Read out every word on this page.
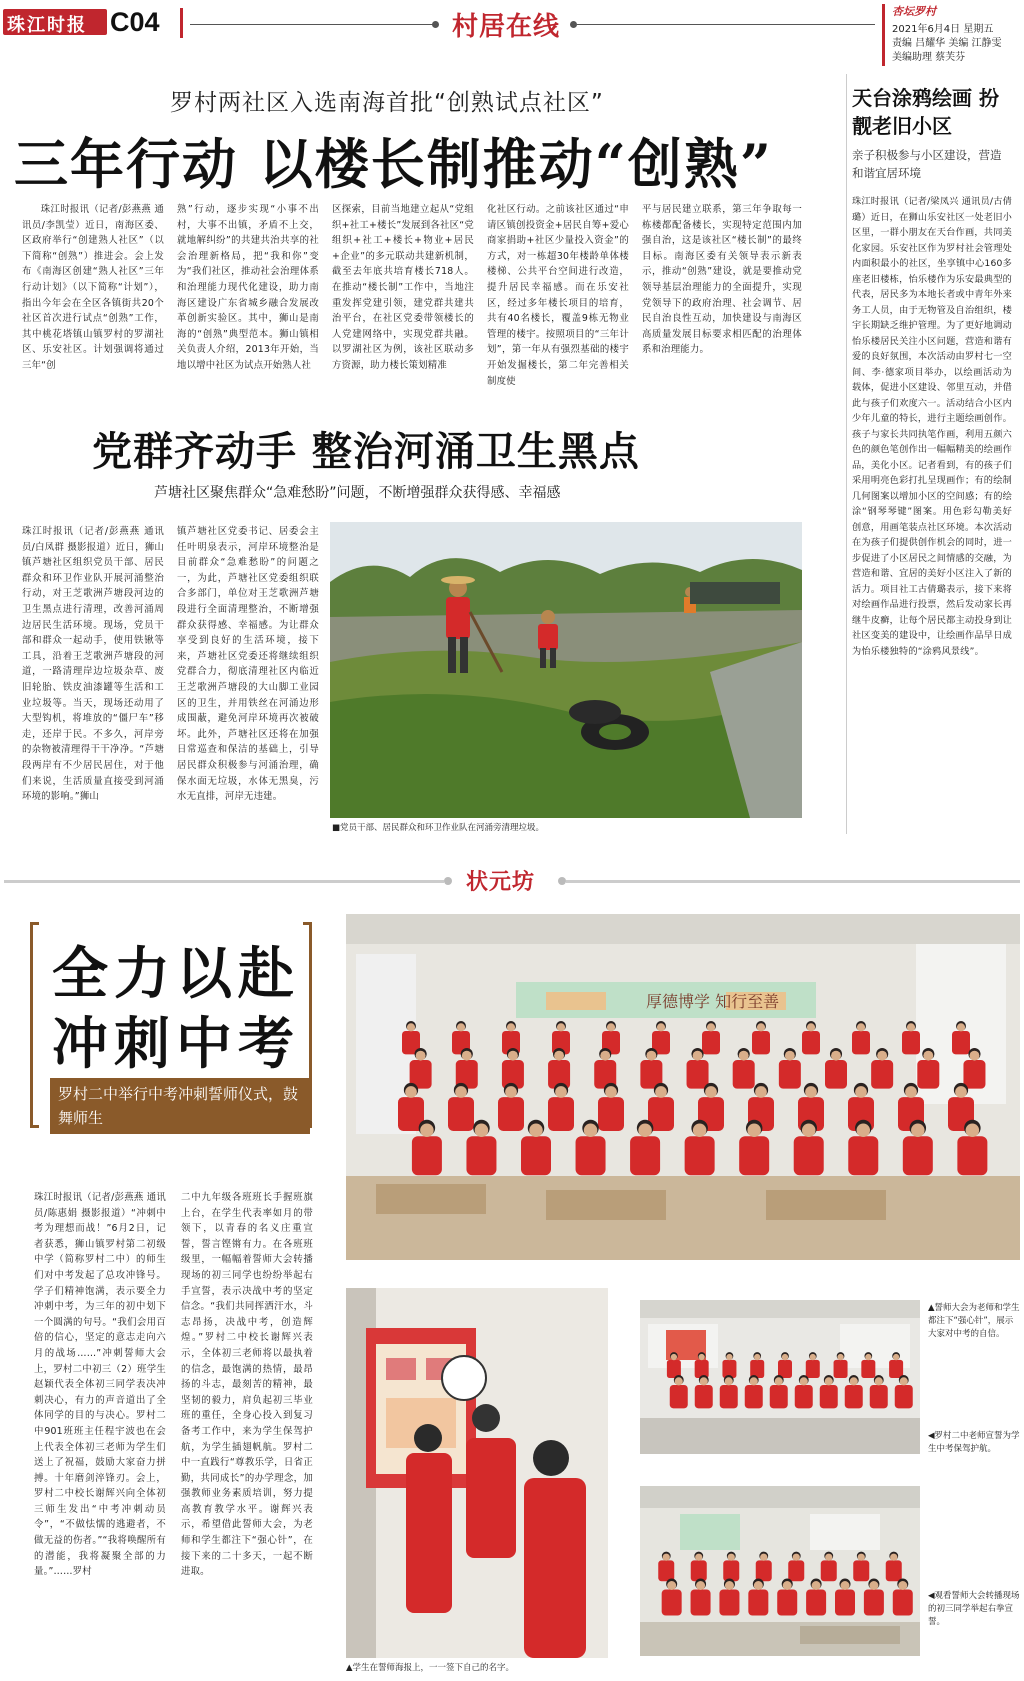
珠江时报 C04	村居在线
杏坛罗村
2021年6月4日 星期五
责编 吕耀华 美编 江静雯
美编助理 蔡芙芬
罗村两社区入选南海首批“创熟试点社区”
三年行动 以楼长制推动“创熟”
珠江时报讯（记者/彭燕燕 通讯员/李凯莹）近日，南海区委、区政府举行“创建熟人社区”（以下简称“创熟”）推进会。会上发布《南海区创建“熟人社区”三年行动计划》（以下简称“计划”），指出今年会在全区各镇街共20个社区首次进行试点“创熟”工作，其中桃花塔镇山镇罗村的罗湖社区、乐安社区。计划强调将通过三年“创
熟”行动，逐步实现“小事不出村，大事不出镇，矛盾不上交，就地解纠纷”的共建共治共享的社会治理新格局，把“我和你”变为“我们社区，推动社会治理体系和治理能力现代化建设，助力南海区建设广东省城乡融合发展改革创新实验区。其中，狮山是南海的“创熟”典型范本。狮山镇相关负责人介绍，2013年开始，当地以增中社区为试点开始熟人社
区探索，目前当地建立起从“党组织+社工+楼长”发展到各社区“党组织+社工+楼长+物业+居民+企业”的多元联动共建新机制，截至去年底共培育楼长718人。在推动“楼长制”工作中，当地注重发挥党建引领，建党群共建共治平台，在社区党委带领楼长的人党建网络中，实现党群共融。以罗湖社区为例，该社区联动多方资源，助力楼长策划精准
化社区行动。之前该社区通过“申请区镇创投资金+居民自筹+爱心商家捐助+社区少量投入资金”的方式，对一栋超30年楼龄单体楼楼梯、公共平台空间进行改造，提升居民幸福感。而在乐安社区，经过多年楼长项目的培育，共有40名楼长，覆盖9栋无物业管理的楼宇。按照项目的“三年计划”，第一年从有强烈基础的楼宇开始发掘楼长，第二年完善相关制度使
平与居民建立联系，第三年争取每一栋楼都配备楼长，实现特定范围内加强自治，这是该社区“楼长制”的最终目标。南海区委有关领导表示新表示，推动“创熟”建设，就是要推动党领导基层治理能力的全面提升，实现党领导下的政府治理、社会调节、居民自治良性互动，加快建设与南海区高质量发展目标要求相匹配的治理体系和治理能力。
党群齐动手 整治河涌卫生黑点
芦塘社区聚焦群众“急难愁盼”问题，不断增强群众获得感、幸福感
珠江时报讯（记者/彭燕燕 通讯员/白凤群 摄影报道）近日，狮山镇芦塘社区组织党员干部、居民群众和环卫作业队开展河涌整治行动，对王芝歌洲芦塘段河边的卫生黑点进行清理，改善河涌周边居民生活环境。现场，党员干部和群众一起动手，使用铁锹等工具，沿着王芝歌洲芦塘段的河道，一路清理岸边垃圾杂草、废旧轮胎、铁皮油漆罐等生活和工业垃圾等。当天，现场还动用了大型钩机，将堆放的“僵尸车”移走，还岸于民。不多久，河岸旁的杂物被清理得干干净净。“芦塘段两岸有不少居民居住，对于他们来说，生活质量直接受到河涌环境的影响。”狮山
镇芦塘社区党委书记、居委会主任叶明泉表示，河岸环境整治是目前群众“急难愁盼”的问题之一，为此，芦塘社区党委组织联合多部门，单位对王芝歌洲芦塘段进行全面清理整治，不断增强群众获得感、幸福感。为让群众享受到良好的生活环境，接下来，芦塘社区党委还将继续组织党群合力，彻底清理社区内临近王芝歌洲芦塘段的大山脚工业园区的卫生，并用铁丝在河涌边形成围蔽，避免河岸环境再次被破坏。此外，芦塘社区还将在加强日常巡查和保洁的基础上，引导居民群众积极参与河涌治理，确保水面无垃圾，水体无黑臭，污水无直排，河岸无违建。
■党员干部、居民群众和环卫作业队在河涌旁清理垃圾。
天台涂鸦绘画 扮靓老旧小区
亲子积极参与小区建设，营造和谐宜居环境
珠江时报讯（记者/梁凤兴 通讯员/古倩璐）近日，在狮山乐安社区一处老旧小区里，一群小朋友在天台作画，共同美化家园。乐安社区作为罗村社会管理处内面积最小的社区，坐享镇中心160多座老旧楼栋，怡乐楼作为乐安最典型的代表，居民多为本地长者或中青年外来务工人员，由于无物管及自治组织，楼宇长期缺乏维护管理。为了更好地调动怡乐楼居民关注小区问题，营造和谐有爱的良好氛围，本次活动由罗村七一空间、李·德家项目举办，以绘画活动为载体，促进小区建设、邻里互动，并借此与孩子们欢度六一。活动结合小区内少年儿童的特长，进行主题绘画创作。孩子与家长共同执笔作画，利用五颜六色的颜色笔创作出一幅幅精美的绘画作品，美化小区。记者看到，有的孩子们采用明亮色彩打扎呈现画作；有的绘制几何图案以增加小区的空间感；有的绘涂“钢琴琴键”图案。用色彩勾勒美好创意，用画笔装点社区环境。本次活动在为孩子们提供创作机会的同时，进一步促进了小区居民之间情感的交融，为营造和谐、宜居的美好小区注入了新的活力。项目社工古倩璐表示，接下来将对绘画作品进行投票，然后发动家长再继牛皮癣，让每个居民都主动投身到让社区变美的建设中，让绘画作品早日成为怡乐楼独特的“涂鸦风景线”。
状元坊
全力以赴
冲刺中考
罗村二中举行中考冲刺誓师仪式，鼓舞师生
珠江时报讯（记者/彭燕燕 通讯员/陈惠娟 摄影报道）“冲刺中考为理想而战！”6月2日，记者获悉，狮山镇罗村第二初级中学（简称罗村二中）的师生们对中考发起了总攻冲锋号。学子们精神饱满，表示要全力冲刺中考，为三年的初中划下一个圆满的句号。“我们会用百倍的信心，坚定的意志走向六月的战场……”冲刺誓师大会上，罗村二中初三（2）班学生赵颖代表全体初三同学表决冲刺决心，有力的声音道出了全体同学的目的与决心。罗村二中901班班主任程宇波也在会上代表全体初三老师为学生们送上了祝福，鼓励大家奋力拼搏。十年磨剑淬锋刃。会上，罗村二中校长谢辉兴向全体初三师生发出“中考冲刺动员令”，“不做怯懦的逃避者，不做无益的伤者。”“我将唤醒所有的潜能，我将凝聚全部的力量。”……罗村
二中九年级各班班长手握班旗上台，在学生代表率如月的带领下，以青春的名义庄重宣誓，誓言铿锵有力。在各班班级里，一幅幅着誓师大会转播现场的初三同学也纷纷举起右手宣誓，表示决战中考的坚定信念。“我们共同挥洒汗水，斗志昂扬，决战中考，创造辉煌。”罗村二中校长谢辉兴表示，全体初三老师将以最执着的信念，最饱满的热情，最昂扬的斗志，最刻苦的精神，最坚韧的毅力，肩负起初三毕业班的重任，全身心投入到复习备考工作中，来为学生保驾护航，为学生插翅帆航。罗村二中一直践行“尊教乐学，日省正勤，共同成长”的办学理念，加强教师业务素质培训，努力提高教育教学水平。谢辉兴表示，希望借此誓师大会，为老师和学生都注下“强心针”，在接下来的二十多天，一起不断进取。
厚德博学 知行至善
▲学生在誓师海报上，一一签下自己的名字。
▲誓师大会为老师和学生都注下“强心针”，展示大家对中考的自信。
◀罗村二中老师宣誓为学生中考保驾护航。
◀观看誓师大会转播现场的初三同学举起右拳宣誓。
